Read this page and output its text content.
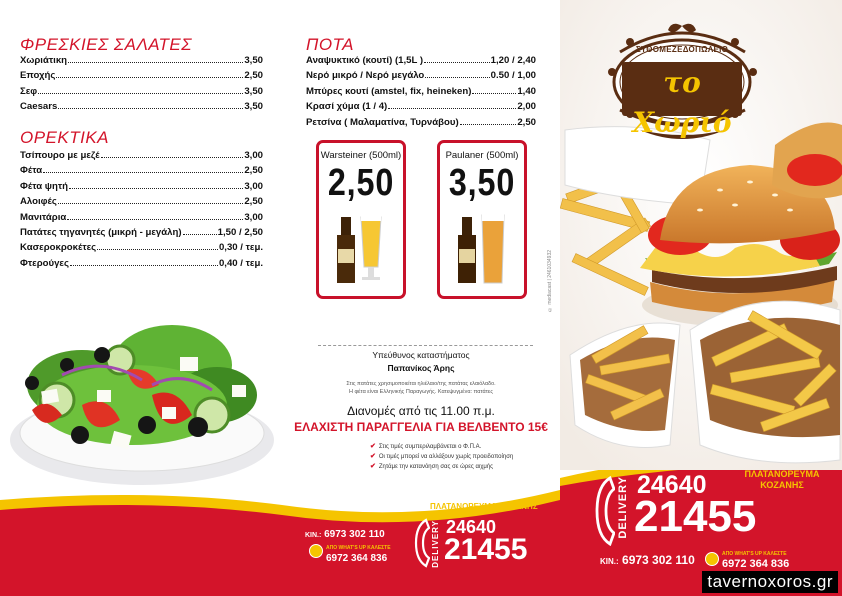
ΦΡΕΣΚΙΕΣ ΣΑΛΑΤΕΣ
Χωριάτικη	3,50
Εποχής	2,50
Σεφ	3,50
Caesars	3,50
ΟΡΕΚΤΙΚΑ
Τσίπουρο με μεζέ	3,00
Φέτα	2,50
Φέτα ψητή	3,00
Αλοιφές	2,50
Μανιτάρια	3,00
Πατάτες τηγανητές (μικρή - μεγάλη)	1,50 / 2,50
Κασεροκροκέτες	0,30 / τεμ.
Φτερούγες	0,40 / τεμ.
ΠΟΤΑ
Αναψυκτικό (κουτί) (1,5L )	1,20 / 2,40
Νερό μικρό / Νερό μεγάλο	0.50 / 1,00
Μπύρες κουτί (amstel, fix, heineken)	1,40
Κρασί χύμα (1 / 4)	2,00
Ρετσίνα ( Μαλαματίνα, Τυρνάβου)	2,50
Warsteiner (500ml)
2,50
Paulaner (500ml)
3,50
© mediacast | 2461034932
Υπεύθυνος καταστήματος
Παπανίκος Άρης
Στις πατάτες χρησιμοποιείται ηλιέλαιο/της πατάτας ελαιόλαδο.
Η φέτα είναι Ελληνικής Παραγωγής. Κατεψυγμένα: πατάτες
Διανομές από τις 11.00 π.μ.
ΕΛΑΧΙΣΤΗ ΠΑΡΑΓΓΕΛΙΑ ΓΙΑ ΒΕΛΒΕΝΤΟ 15€
✔ Στις τιμές συμπεριλαμβάνεται ο Φ.Π.Α.
✔ Οι τιμές μπορεί να αλλάξουν χωρίς προειδοποίηση
✔ Ζητάμε την κατανόηση σας σε ώρες αιχμής
ΣΥΘΟΜΕΖΕΔΟΠΩΛΕΙΟ
το Χωριό
ΠΛΑΤΑΝΟΡΕΥΜΑ ΚΟΖΑΝΗΣ
DELIVERY 24640
21455
ΚΙΝ.: 6973 302 110
ΑΠΟ WHAT'S UP ΚΑΛΕΣΤΕ
6972 364 836
ΠΛΑΤΑΝΟΡΕΥΜΑ
ΚΟΖΑΝΗΣ
DELIVERY 24640
21455
ΚΙΝ.: 6973 302 110	ΑΠΟ WHAT'S UP ΚΑΛΕΣΤΕ
6972 364 836
tavernoxoros.gr
